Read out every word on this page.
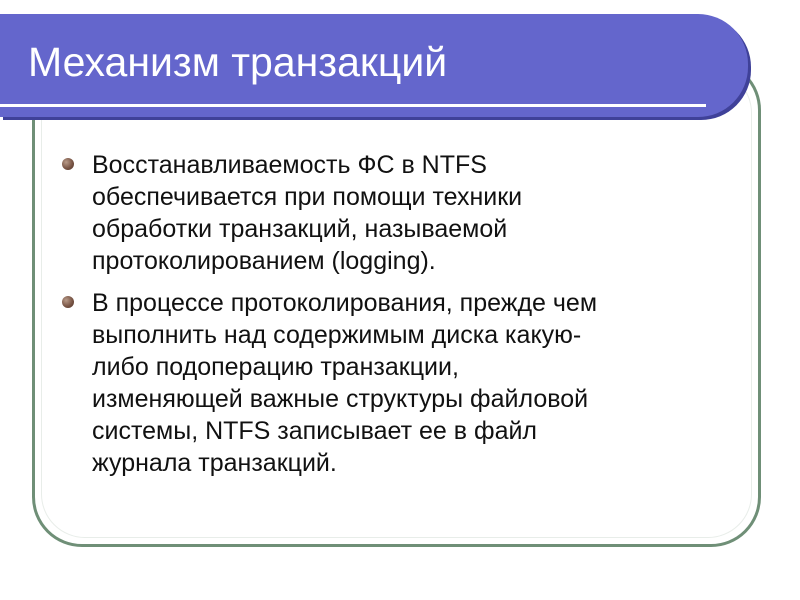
Механизм транзакций
Восстанавливаемость ФС в NTFS
обеспечивается при помощи техники
обработки транзакций, называемой
протоколированием (logging).
В процессе протоколирования, прежде чем
выполнить над содержимым диска какую-
либо подоперацию транзакции,
изменяющей важные структуры файловой
системы, NTFS записывает ее в файл
журнала транзакций.
